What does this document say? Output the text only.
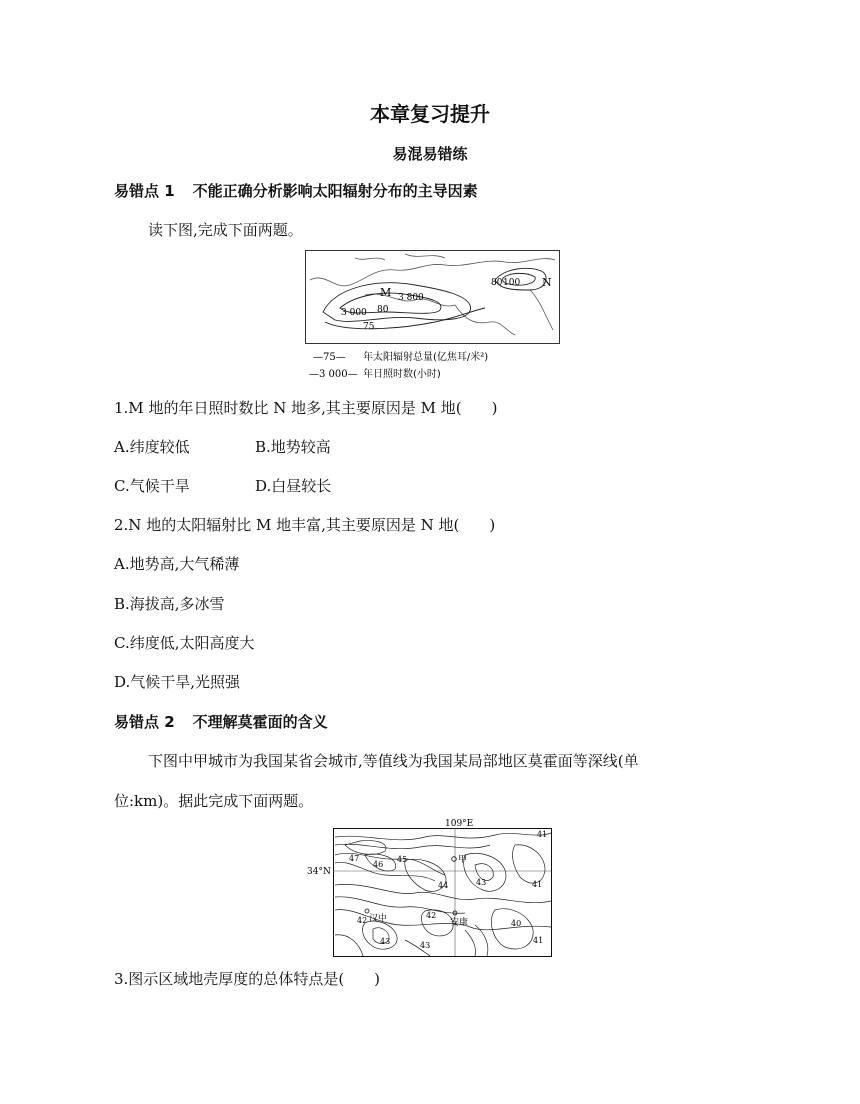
本章复习提升
易混易错练
易错点 1 不能正确分析影响太阳辐射分布的主导因素
读下图,完成下面两题。
M
N
80 100
3 800
3 000 80
75
—75— 年太阳辐射总量(亿焦耳/米²)
—3 000— 年日照时数(小时)
1.M 地的年日照时数比 N 地多,其主要原因是 M 地(　　)
A.纬度较低	B.地势较高
C.气候干旱	D.白昼较长
2.N 地的太阳辐射比 M 地丰富,其主要原因是 N 地(　　)
A.地势高,大气稀薄
B.海拔高,多冰雪
C.纬度低,太阳高度大
D.气候干旱,光照强
易错点 2 不理解莫霍面的含义
下图中甲城市为我国某省会城市,等值线为我国某局部地区莫霍面等深线(单
位:km)。据此完成下面两题。
109°E
34°N
甲
汉中	安康
47	45
46
44	43
41
41
42
42
43	43
40
41
3.图示区域地壳厚度的总体特点是(　　)
